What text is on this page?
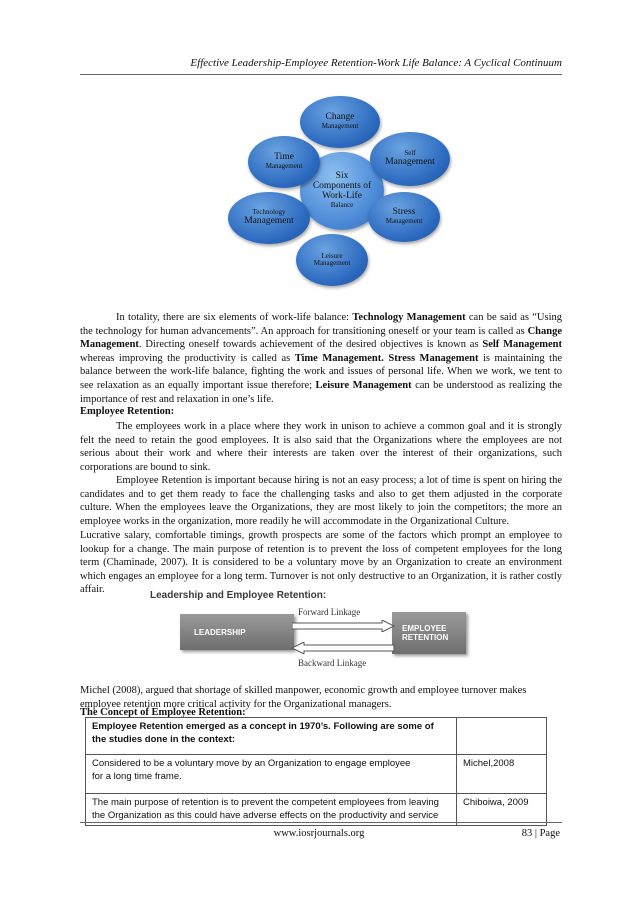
Effective Leadership-Employee Retention-Work Life Balance: A Cyclical Continuum
Six
Components of
Work-Life
Balance
Change
Management
Self
Management
Stress
Management
Leisure
Management
Technology
Management
Time
Management

In totality, there are six elements of work-life balance: Technology Management can be said as “Using the technology for human advancements”. An approach for transitioning oneself or your team is called as Change Management. Directing oneself towards achievement of the desired objectives is known as Self Management whereas improving the productivity is called as Time Management. Stress Management is maintaining the balance between the work-life balance, fighting the work and issues of personal life. When we work, we tent to see relaxation as an equally important issue therefore; Leisure Management can be understood as realizing the importance of rest and relaxation in one’s life.

Employee Retention:

The employees work in a place where they work in unison to achieve a common goal and it is strongly felt the need to retain the good employees. It is also said that the Organizations where the employees are not serious about their work and where their interests are taken over the interest of their organizations, such corporations are bound to sink.

Employee Retention is important because hiring is not an easy process; a lot of time is spent on hiring the candidates and to get them ready to face the challenging tasks and also to get them adjusted in the corporate culture. When the employees leave the Organizations, they are most likely to join the competitors; the more an employee works in the organization, more readily he will accommodate in the Organizational Culture.

Lucrative salary, comfortable timings, growth prospects are some of the factors which prompt an employee to lookup for a change. The main purpose of retention is to prevent the loss of competent employees for the long term (Chaminade, 2007). It is considered to be a voluntary move by an Organization to create an environment which engages an employee for a long term. Turnover is not only destructive to an Organization, it is rather costly affair.

Leadership and Employee Retention:
LEADERSHIP	EMPLOYEE
RETENTION
Forward Linkage
Backward Linkage

Michel (2008), argued that shortage of skilled manpower, economic growth and employee turnover makes employee retention more critical activity for the Organizational managers.

The Concept of Employee Retention:

Employee Retention emerged as a concept in 1970’s. Following are some of the studies done in the context:	
Considered to be a voluntary move by an Organization to engage employee
for a long time frame.	Michel,2008
The main purpose of retention is to prevent the competent employees from leaving
the Organization as this could have adverse effects on the productivity and service	Chiboiwa, 2009
www.iosrjournals.org	83 | Page
